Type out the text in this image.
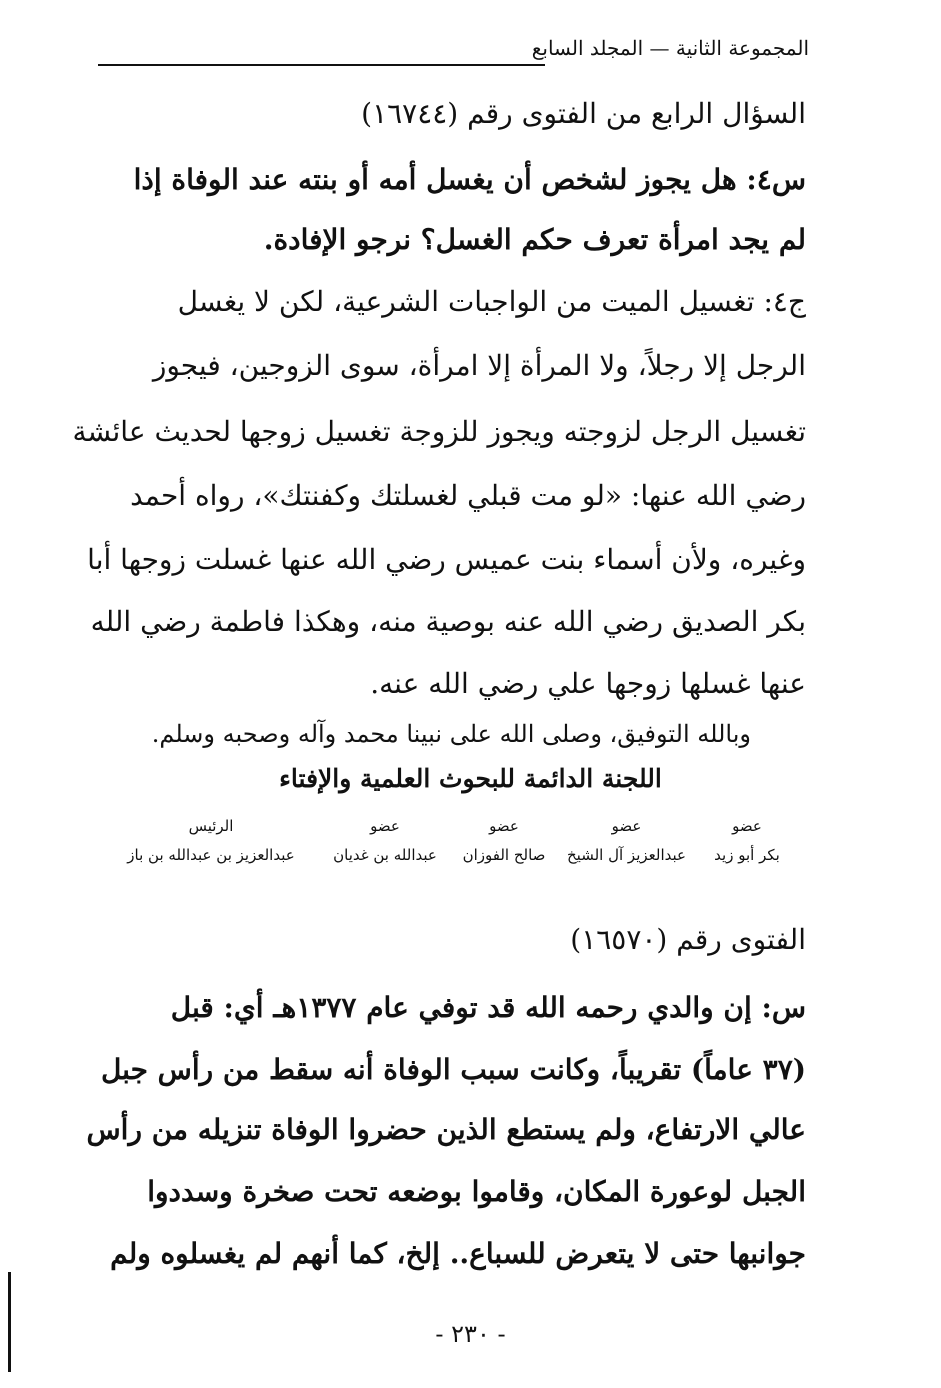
المجموعة الثانية — المجلد السابع
السؤال الرابع من الفتوى رقم (١٦٧٤٤)
س٤: هل يجوز لشخص أن يغسل أمه أو بنته عند الوفاة إذا
لم يجد امرأة تعرف حكم الغسل؟ نرجو الإفادة.
ج٤: تغسيل الميت من الواجبات الشرعية، لكن لا يغسل
الرجل إلا رجلاً، ولا المرأة إلا امرأة، سوى الزوجين، فيجوز
تغسيل الرجل لزوجته ويجوز للزوجة تغسيل زوجها لحديث عائشة
رضي الله عنها: «لو مت قبلي لغسلتك وكفنتك»، رواه أحمد
وغيره، ولأن أسماء بنت عميس رضي الله عنها غسلت زوجها أبا
بكر الصديق رضي الله عنه بوصية منه، وهكذا فاطمة رضي الله
عنها غسلها زوجها علي رضي الله عنه.
وبالله التوفيق، وصلى الله على نبينا محمد وآله وصحبه وسلم.
اللجنة الدائمة للبحوث العلمية والإفتاء
عضو
بكر أبو زيد
عضو
عبدالعزيز آل الشيخ
عضو
صالح الفوزان
عضو
عبدالله بن غديان
الرئيس
عبدالعزيز بن عبدالله بن باز
الفتوى رقم (١٦٥٧٠)
س: إن والدي رحمه الله قد توفي عام ١٣٧٧هـ أي: قبل
(٣٧ عاماً) تقريباً، وكانت سبب الوفاة أنه سقط من رأس جبل
عالي الارتفاع، ولم يستطع الذين حضروا الوفاة تنزيله من رأس
الجبل لوعورة المكان، وقاموا بوضعه تحت صخرة وسددوا
جوانبها حتى لا يتعرض للسباع.. إلخ، كما أنهم لم يغسلوه ولم
- ٢٣٠ -
